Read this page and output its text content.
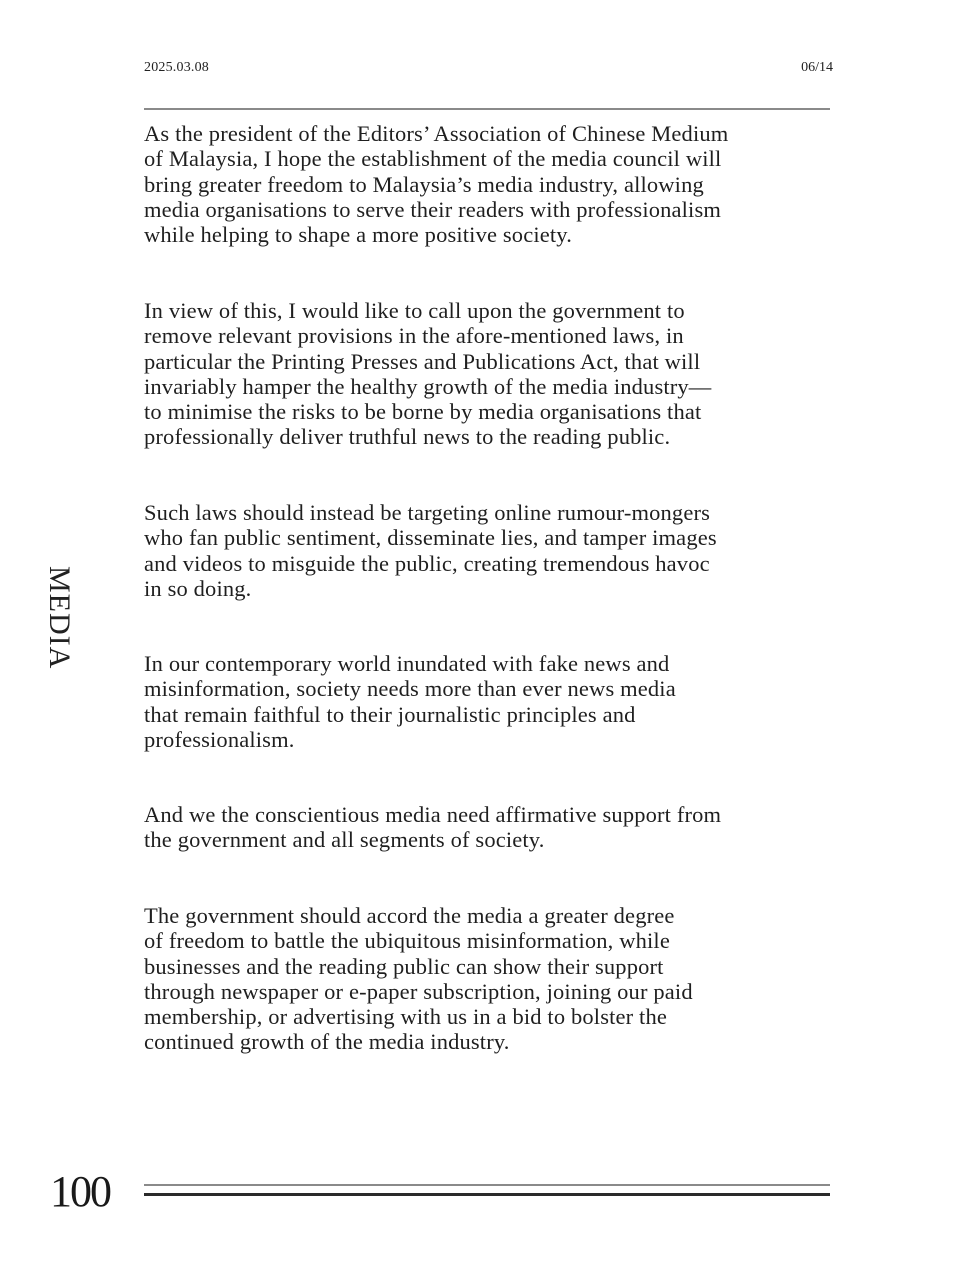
2025.03.08	06/14
MEDIA

As the president of the Editors’ Association of Chinese Medium
of Malaysia, I hope the establishment of the media council will
bring greater freedom to Malaysia’s media industry, allowing
media organisations to serve their readers with professionalism
while helping to shape a more positive society.

In view of this, I would like to call upon the government to
remove relevant provisions in the afore-mentioned laws, in
particular the Printing Presses and Publications Act, that will
invariably hamper the healthy growth of the media industry—
to minimise the risks to be borne by media organisations that
professionally deliver truthful news to the reading public.

Such laws should instead be targeting online rumour-mongers
who fan public sentiment, disseminate lies, and tamper images
and videos to misguide the public, creating tremendous havoc
in so doing.

In our contemporary world inundated with fake news and
misinformation, society needs more than ever news media
that remain faithful to their journalistic principles and
professionalism.

And we the conscientious media need affirmative support from
the government and all segments of society.

The government should accord the media a greater degree
of freedom to battle the ubiquitous misinformation, while
businesses and the reading public can show their support
through newspaper or e-paper subscription, joining our paid
membership, or advertising with us in a bid to bolster the
continued growth of the media industry.

100
